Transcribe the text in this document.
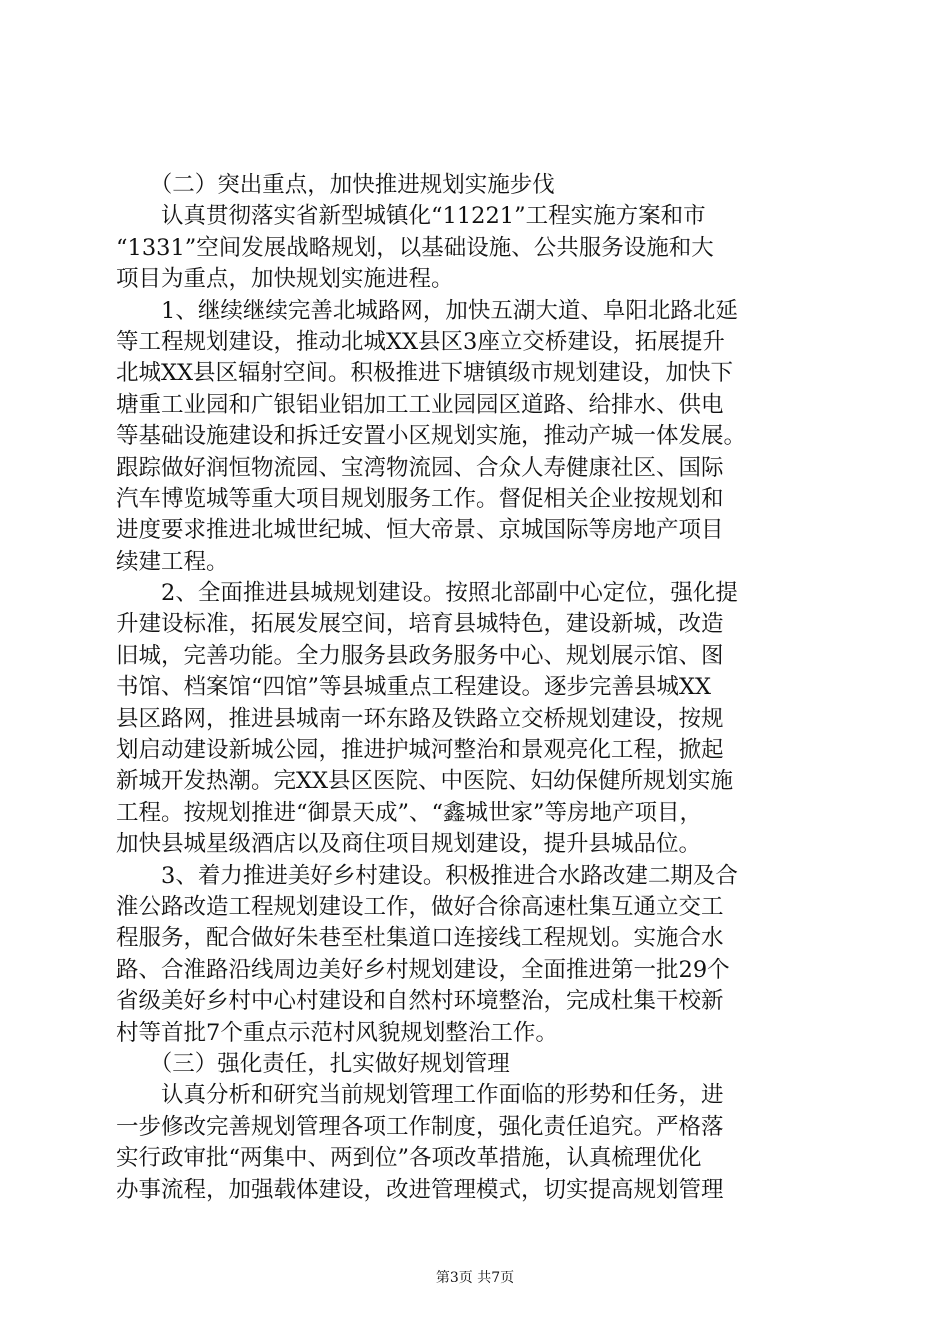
　　（二）突出重点，加快推进规划实施步伐
　　认真贯彻落实省新型城镇化“11221”工程实施方案和市
“1331”空间发展战略规划，以基础设施、公共服务设施和大
项目为重点，加快规划实施进程。
　　1、继续继续完善北城路网，加快五湖大道、阜阳北路北延
等工程规划建设，推动北城XX县区3座立交桥建设，拓展提升
北城XX县区辐射空间。积极推进下塘镇级市规划建设，加快下
塘重工业园和广银铝业铝加工工业园园区道路、给排水、供电
等基础设施建设和拆迁安置小区规划实施，推动产城一体发展。
跟踪做好润恒物流园、宝湾物流园、合众人寿健康社区、国际
汽车博览城等重大项目规划服务工作。督促相关企业按规划和
进度要求推进北城世纪城、恒大帝景、京城国际等房地产项目
续建工程。
　　2、全面推进县城规划建设。按照北部副中心定位，强化提
升建设标准，拓展发展空间，培育县城特色，建设新城，改造
旧城，完善功能。全力服务县政务服务中心、规划展示馆、图
书馆、档案馆“四馆”等县城重点工程建设。逐步完善县城XX
县区路网，推进县城南一环东路及铁路立交桥规划建设，按规
划启动建设新城公园，推进护城河整治和景观亮化工程，掀起
新城开发热潮。完XX县区医院、中医院、妇幼保健所规划实施
工程。按规划推进“御景天成”、“鑫城世家”等房地产项目，
加快县城星级酒店以及商住项目规划建设，提升县城品位。
　　3、着力推进美好乡村建设。积极推进合水路改建二期及合
淮公路改造工程规划建设工作，做好合徐高速杜集互通立交工
程服务，配合做好朱巷至杜集道口连接线工程规划。实施合水
路、合淮路沿线周边美好乡村规划建设，全面推进第一批29个
省级美好乡村中心村建设和自然村环境整治，完成杜集干校新
村等首批7个重点示范村风貌规划整治工作。
　　（三）强化责任，扎实做好规划管理
　　认真分析和研究当前规划管理工作面临的形势和任务，进
一步修改完善规划管理各项工作制度，强化责任追究。严格落
实行政审批“两集中、两到位”各项改革措施，认真梳理优化
办事流程，加强载体建设，改进管理模式，切实提高规划管理
第3页 共7页
